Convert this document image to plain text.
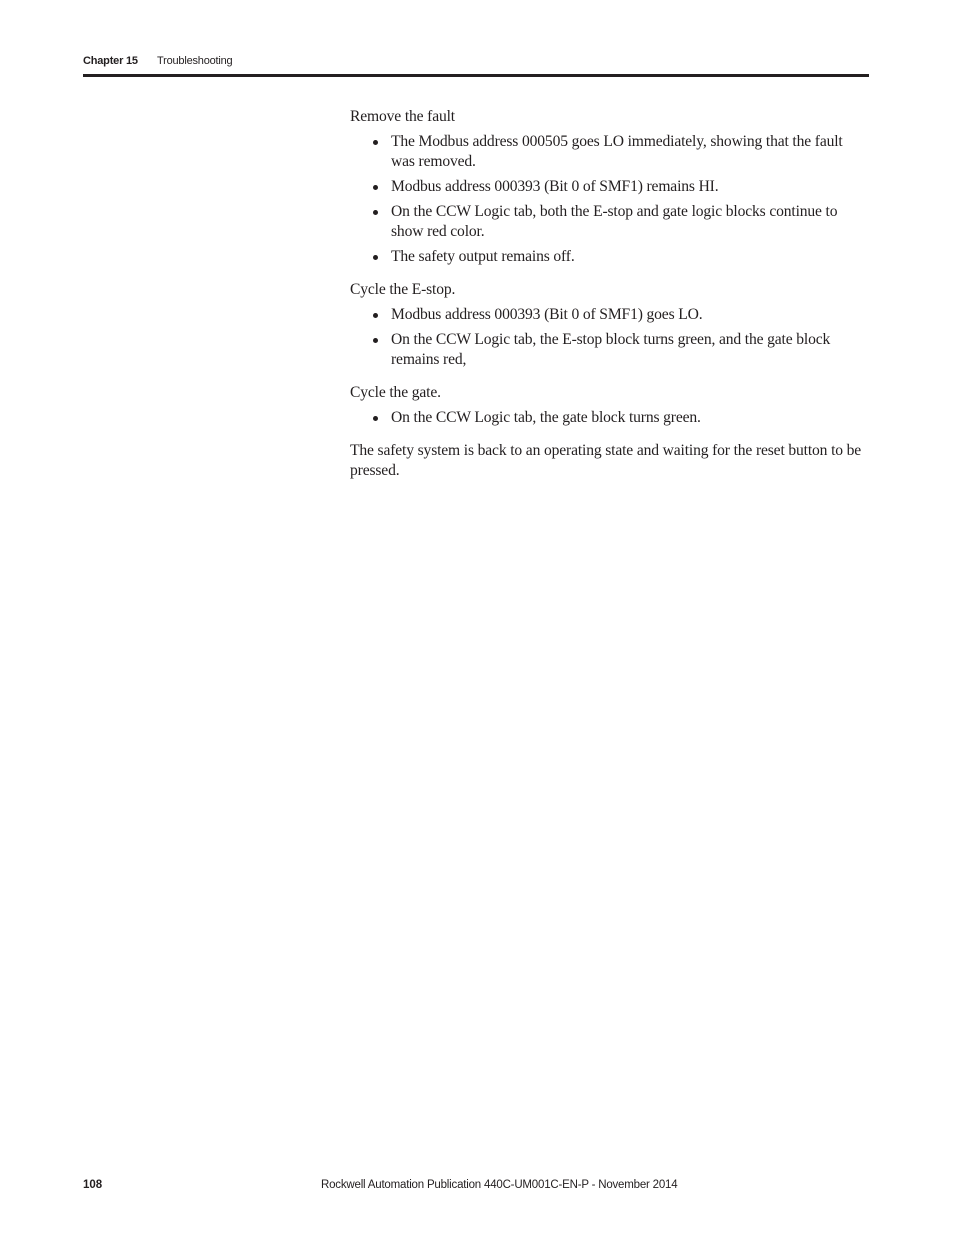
Chapter 15 Troubleshooting

Remove the fault

The Modbus address 000505 goes LO immediately, showing that the fault was removed.
Modbus address 000393 (Bit 0 of SMF1) remains HI.
On the CCW Logic tab, both the E-stop and gate logic blocks continue to show red color.
The safety output remains off.

Cycle the E-stop.

Modbus address 000393 (Bit 0 of SMF1) goes LO.
On the CCW Logic tab, the E-stop block turns green, and the gate block remains red,

Cycle the gate.

On the CCW Logic tab, the gate block turns green.

The safety system is back to an operating state and waiting for the reset button to be pressed.

108	Rockwell Automation Publication 440C-UM001C-EN-P - November 2014
